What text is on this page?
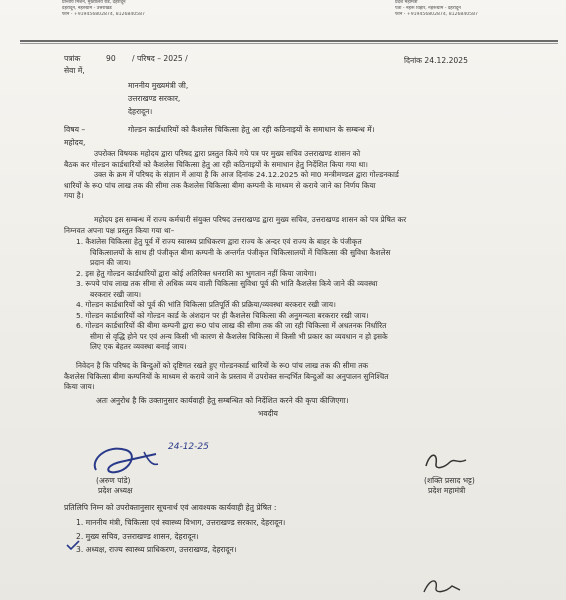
प्रान्तीय मिशन, मुख्यालय रोड, देहरादून
देहरादून, नेहरुग्राम - उत्तराखंड
फोन - +919456802874, 8126840587
प्रदेश महामंत्री
पता - नेहरू विहार, नेहरूग्राम - देहरादून
फोन - +919456802874, 8126840587
पत्रांक	90 / परिषद – 2025 /	दिनांक 24.12.2025
सेवा में,
माननीय मुख्यमंत्री जी,
उत्तराखण्ड सरकार,
देहरादून।
विषय –	गोल्डन कार्डधारियों को कैशलेस चिकित्सा हेतु आ रही कठिनाइयों के समाधान के सम्बन्ध में।
महोदय,
उपरोक्त विषयक महोदय द्वारा परिषद द्वारा प्रस्तुत किये गये पत्र पर मुख्य सचिव उत्तराखण्ड शासन को
बैठक कर गोल्डन कार्डधारियों को कैशलेस चिकित्सा हेतु आ रही कठिनाइयों के समाधान हेतु निर्देशित किया गया था।
उक्त के क्रम में परिषद के संज्ञान में आया है कि आज दिनांक 24.12.2025 को मा0 मन्त्रीमण्डल द्वारा गोल्डनकार्ड
धारियों के रू0 पांच लाख तक की सीमा तक कैशलेस चिकित्सा बीमा कम्पनी के माध्यम से कराये जाने का निर्णय किया
गया है।
महोदय इस सम्बन्ध में राज्य कर्मचारी संयुक्त परिषद उत्तराखण्ड द्वारा मुख्य सचिव, उत्तराखण्ड शासन को पत्र प्रेषित कर
निम्नवत अपना पक्ष प्रस्तुत किया गया था–
1. कैशलेस चिकित्सा हेतु पूर्व में राज्य स्वास्थ्य प्राधिकरण द्वारा राज्य के अन्दर एवं राज्य के बाहर के पंजीकृत
चिकित्सालयों के साथ ही पंजीकृत बीमा कम्पनी के अन्तर्गत पंजीकृत चिकित्सालयों में चिकित्सा की सुविधा कैशलेस
प्रदान की जाय।
2. इस हेतु गोल्डन कार्डधारियों द्वारा कोई अतिरिक्त धनराशि का भुगतान नहीं किया जायेगा।
3. रूपये पांच लाख तक सीमा से अधिक व्यय वाली चिकित्सा सुविधा पूर्व की भांति कैशलेस किये जाने की व्यवस्था
बरकरार रखी जाय।
4. गोल्डन कार्डधारियों को पूर्व की भांति चिकित्सा प्रतिपूर्ति की प्रक्रिया/व्यवस्था बरकरार रखी जाय।
5. गोल्डन कार्डधारियों को गोल्डन कार्ड के अंशदान पर ही कैशलेस चिकित्सा की अनुमन्यता बरकरार रखी जाय।
6. गोल्डन कार्डधारियों की बीमा कम्पनी द्वारा रू0 पांच लाख की सीमा तक की जा रही चिकित्सा में अधतनक निर्धारित
सीमा से वृद्धि होने पर एवं अन्य किसी भी कारण से कैशलेस चिकित्सा में किसी भी प्रकार का व्यवधान न हो इसके
लिए एक बेहतर व्यवस्था बनाई जाय।
निवेदन है कि परिषद के बिन्दुओं को दृष्टिगत रखते हुए गोल्डनकार्ड धारियों के रू0 पांच लाख तक की सीमा तक
कैशलेस चिकित्सा बीमा कम्पनियों के माध्यम से कराये जाने के प्रस्ताव में उपरोक्त सन्दर्भित बिन्दुओं का अनुपालन सुनिश्चित
किया जाय।
अतः अनुरोध है कि उक्तानुसार कार्यवाही हेतु सम्बन्धित को निर्देशित करने की कृपा कीजिएगा।
भवदीय
24-12-25
(अरुण पांडे)
प्रदेश अध्यक्ष
(शक्ति प्रसाद भट्ट)
प्रदेश महामंत्री
प्रतिलिपि निम्न को उपरोक्तानुसार सूचनार्थ एवं आवश्यक कार्यवाही हेतु प्रेषित :
1. माननीय मंत्री, चिकित्सा एवं स्वास्थ्य विभाग, उत्तराखण्ड सरकार, देहरादून।
2. मुख्य सचिव, उत्तराखण्ड शासन, देहरादून।
3. अध्यक्ष, राज्य स्वास्थ्य प्राधिकरण, उत्तराखण्ड, देहरादून।
